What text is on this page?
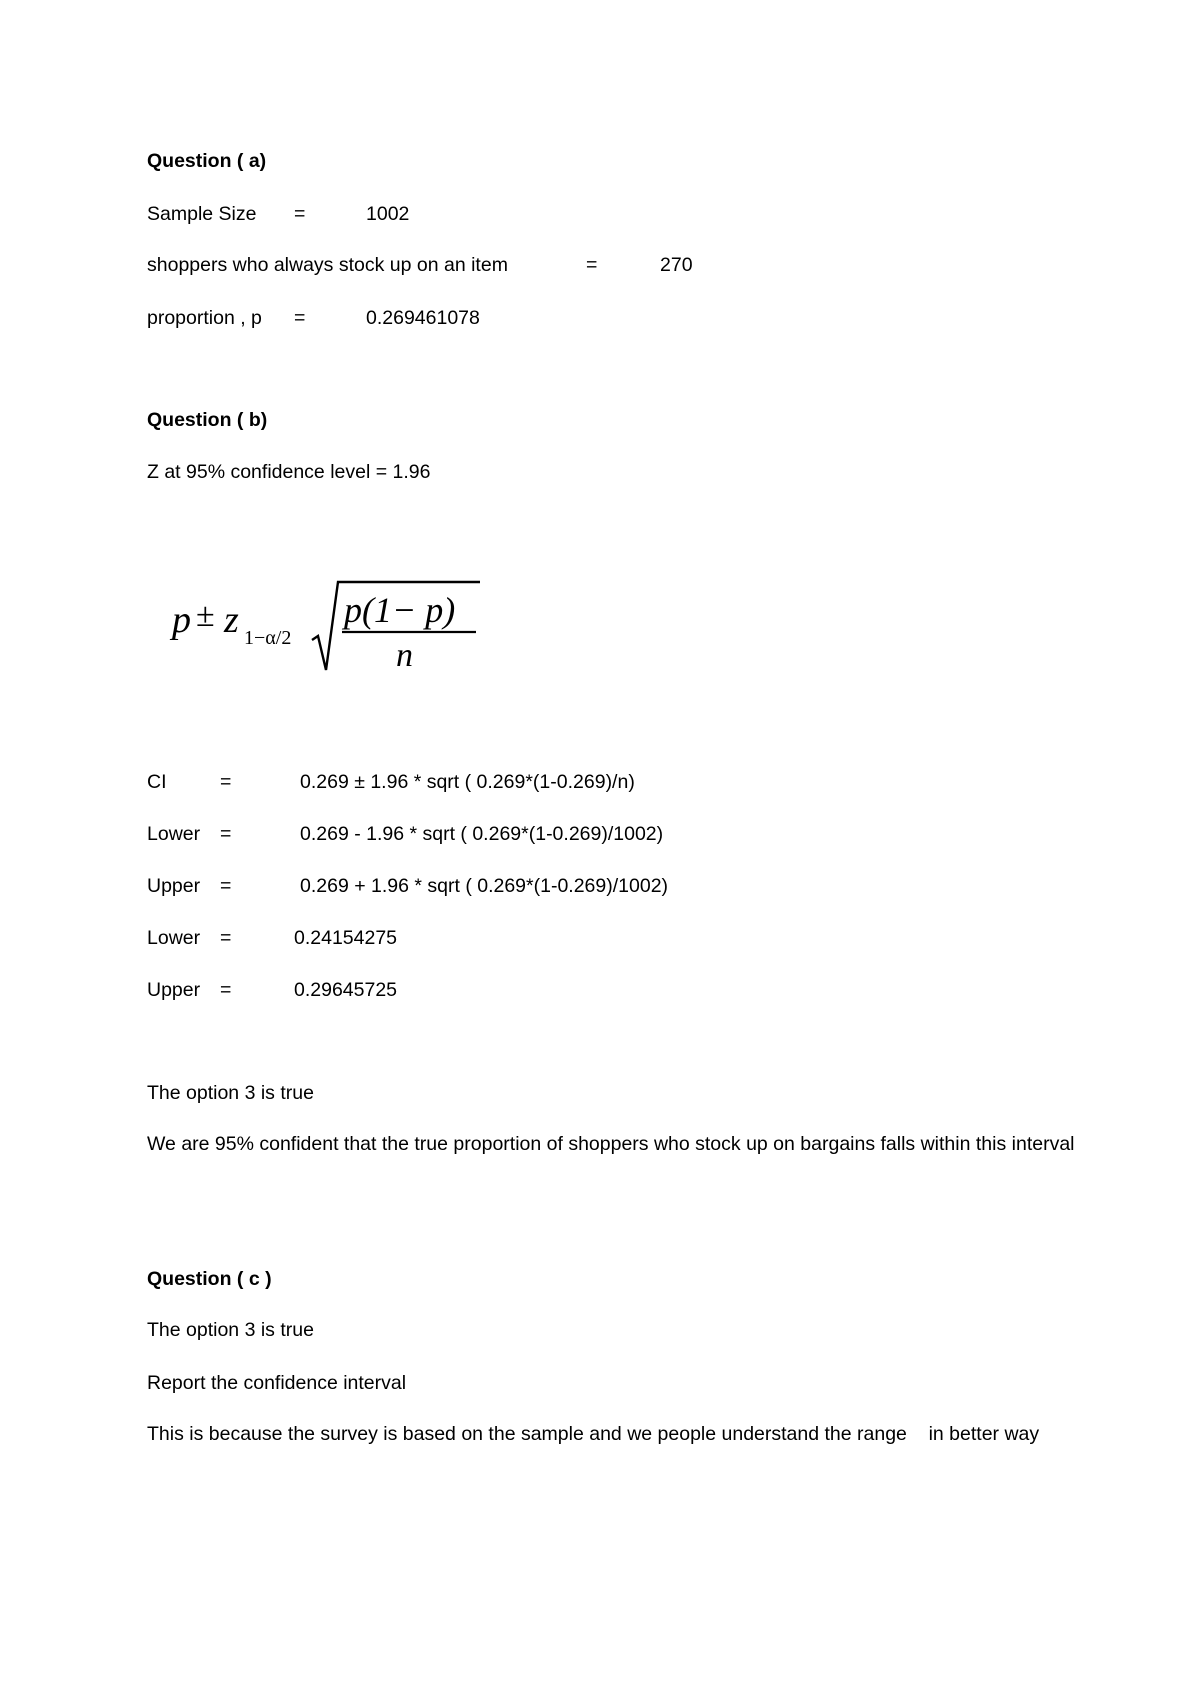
Question ( a)
Sample Size =	1002
shoppers who always stock up on an item	=	270
proportion , p =	0.269461078
Question ( b)
Z at 95% confidence level = 1.96
p ± z 1−α/2
p(1− p)
n
CI	=	0.269 ± 1.96 * sqrt ( 0.269*(1-0.269)/n)
Lower =	0.269 - 1.96 * sqrt ( 0.269*(1-0.269)/1002)
Upper =	0.269 + 1.96 * sqrt ( 0.269*(1-0.269)/1002)
Lower =	0.24154275
Upper =	0.29645725
The option 3 is true
We are 95% confident that the true proportion of shoppers who stock up on bargains falls within this interval
Question ( c )
The option 3 is true
Report the confidence interval
This is because the survey is based on the sample and we people understand the range    in better way
